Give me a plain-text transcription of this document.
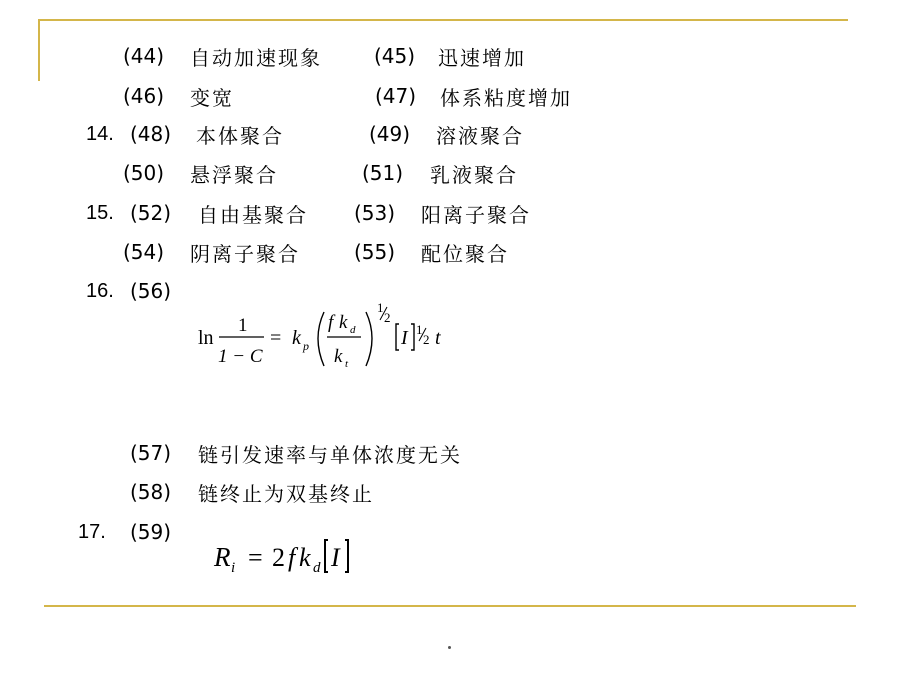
(44) 自动加速现象	(45) 迅速增加
(46) 变宽	(47) 体系粘度增加
14. (48) 本体聚合	(49) 溶液聚合
(50) 悬浮聚合	(51) 乳液聚合
15. (52) 自由基聚合 (53) 阳离子聚合
(54) 阴离子聚合	(55) 配位聚合
16. (56)
ln
1
1 − C
= k p
f k d
k t
1
2
I 1
2 t
(57) 链引发速率与单体浓度无关
(58) 链终止为双基终止
17. (59)
R i = 2 f k d I
